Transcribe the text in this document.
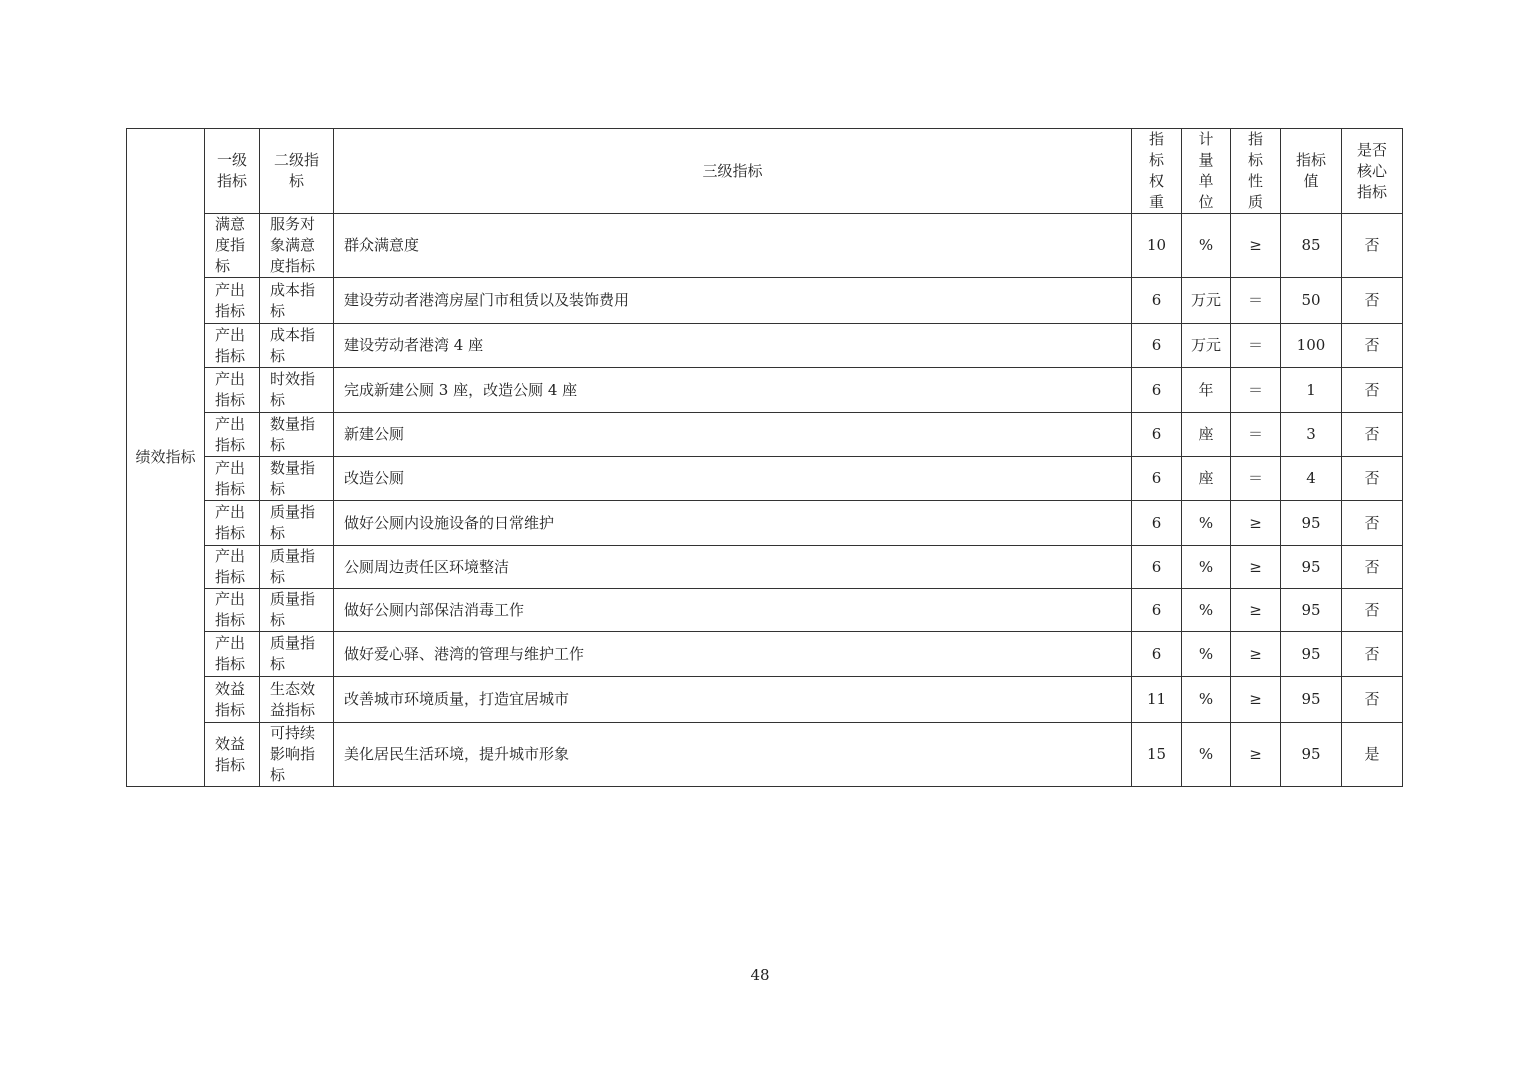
绩效指标	一级指标	二级指标	三级指标	指标权重	计量单位	指标性质	指标值	是否核心指标
	满意度指标	服务对象满意度指标	群众满意度	10	%	≥	85	否
	产出指标	成本指标	建设劳动者港湾房屋门市租赁以及装饰费用	6	万元	＝	50	否
	产出指标	成本指标	建设劳动者港湾 4 座	6	万元	＝	100	否
	产出指标	时效指标	完成新建公厕 3 座，改造公厕 4 座	6	年	＝	1	否
	产出指标	数量指标	新建公厕	6	座	＝	3	否
	产出指标	数量指标	改造公厕	6	座	＝	4	否
	产出指标	质量指标	做好公厕内设施设备的日常维护	6	%	≥	95	否
	产出指标	质量指标	公厕周边责任区环境整洁	6	%	≥	95	否
	产出指标	质量指标	做好公厕内部保洁消毒工作	6	%	≥	95	否
	产出指标	质量指标	做好爱心驿、港湾的管理与维护工作	6	%	≥	95	否
	效益指标	生态效益指标	改善城市环境质量，打造宜居城市	11	%	≥	95	否
	效益指标	可持续影响指标	美化居民生活环境，提升城市形象	15	%	≥	95	是
48
